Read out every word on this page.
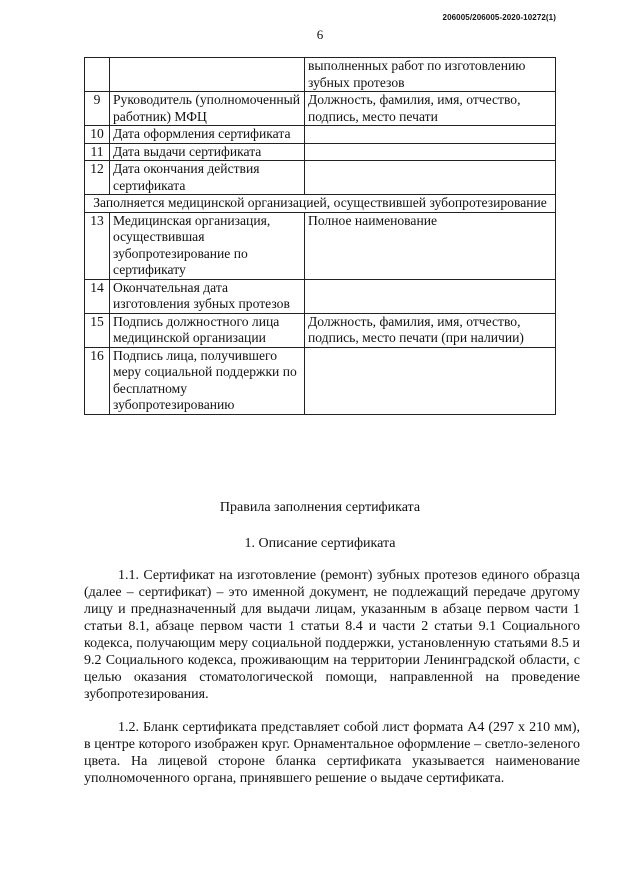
206005/206005-2020-10272(1)
6
		выполненных работ по изготовлению зубных протезов
9	Руководитель (уполномоченный работник) МФЦ	Должность, фамилия, имя, отчество, подпись, место печати
10	Дата оформления сертификата	
11	Дата выдачи сертификата	
12	Дата окончания действия сертификата	
Заполняется медицинской организацией, осуществившей зубопротезирование		
13	Медицинская организация, осуществившая зубопротезирование по сертификату	Полное наименование
14	Окончательная дата изготовления зубных протезов	
15	Подпись должностного лица медицинской организации	Должность, фамилия, имя, отчество, подпись, место печати (при наличии)
16	Подпись лица, получившего меру социальной поддержки по бесплатному зубопротезированию	
Правила заполнения сертификата
1. Описание сертификата

1.1. Сертификат на изготовление (ремонт) зубных протезов единого образца (далее – сертификат) – это именной документ, не подлежащий передаче другому лицу и предназначенный для выдачи лицам, указанным в абзаце первом части 1 статьи 8.1, абзаце первом части 1 статьи 8.4 и части 2 статьи 9.1 Социального кодекса, получающим меру социальной поддержки, установленную статьями 8.5 и 9.2 Социального кодекса, проживающим на территории Ленинградской области, с целью оказания стоматологической помощи, направленной на проведение зубопротезирования.

1.2. Бланк сертификата представляет собой лист формата А4 (297 х 210 мм), в центре которого изображен круг. Орнаментальное оформление – светло-зеленого цвета. На лицевой стороне бланка сертификата указывается наименование уполномоченного органа, принявшего решение о выдаче сертификата.
